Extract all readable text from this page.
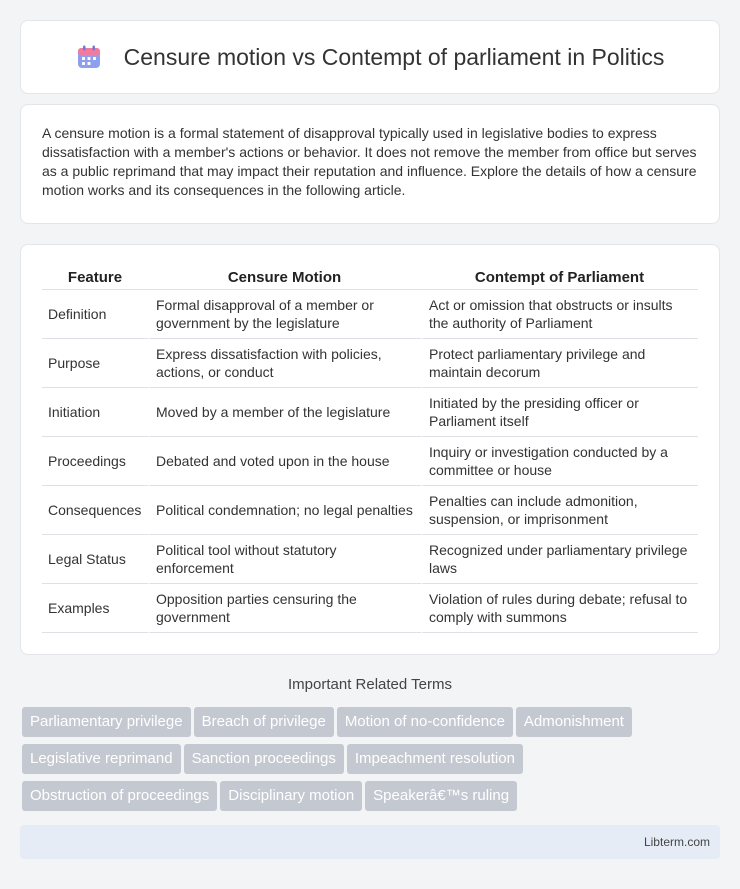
Censure motion vs Contempt of parliament in Politics

A censure motion is a formal statement of disapproval typically used in legislative bodies to express dissatisfaction with a member's actions or behavior. It does not remove the member from office but serves as a public reprimand that may impact their reputation and influence. Explore the details of how a censure motion works and its consequences in the following article.

Feature	Censure Motion	Contempt of Parliament
Definition	Formal disapproval of a member or government by the legislature	Act or omission that obstructs or insults the authority of Parliament
Purpose	Express dissatisfaction with policies, actions, or conduct	Protect parliamentary privilege and maintain decorum
Initiation	Moved by a member of the legislature	Initiated by the presiding officer or Parliament itself
Proceedings	Debated and voted upon in the house	Inquiry or investigation conducted by a committee or house
Consequences	Political condemnation; no legal penalties	Penalties can include admonition, suspension, or imprisonment
Legal Status	Political tool without statutory enforcement	Recognized under parliamentary privilege laws
Examples	Opposition parties censuring the government	Violation of rules during debate; refusal to comply with summons
Important Related Terms
Parliamentary privilege Breach of privilege Motion of no-confidence AdmonishmentLegislative reprimand Sanction proceedings Impeachment resolutionObstruction of proceedings Disciplinary motion Speakerâ€™s ruling
Libterm.com
